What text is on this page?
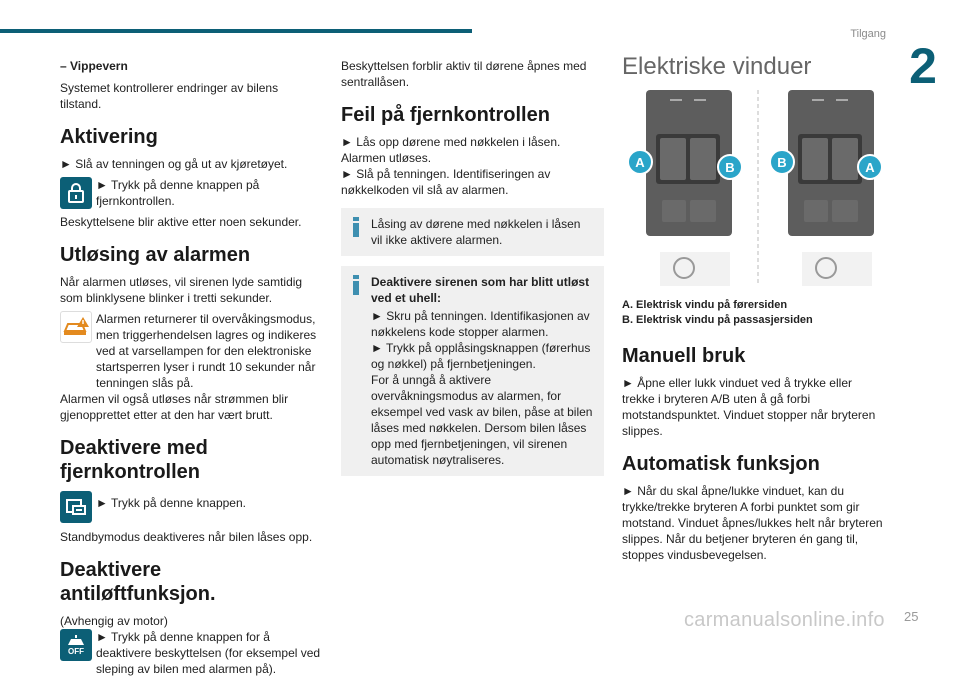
Tilgang
2
25
carmanualsonline.info

– Vippevern

Systemet kontrollerer endringer av bilens tilstand.

Aktivering

► Slå av tenningen og gå ut av kjøretøyet.

► Trykk på denne knappen på fjernkontrollen.

Beskyttelsene blir aktive etter noen sekunder.

Utløsing av alarmen

Når alarmen utløses, vil sirenen lyde samtidig som blinklysene blinker i tretti sekunder.

Alarmen returnerer til overvåkingsmodus, men triggerhendelsen lagres og indikeres ved at varsellampen for den elektroniske startsperren lyser i rundt 10 sekunder når tenningen slås på.

Alarmen vil også utløses når strømmen blir gjenopprettet etter at den har vært brutt.

Deaktivere med fjernkontrollen

► Trykk på denne knappen.

Standbymodus deaktiveres når bilen låses opp.

Deaktivere antiløftfunksjon.

(Avhengig av motor)

OFF

► Trykk på denne knappen for å deaktivere beskyttelsen (for eksempel ved sleping av bilen med alarmen på).

Beskyttelsen forblir aktiv til dørene åpnes med sentrallåsen.

Feil på fjernkontrollen

► Lås opp dørene med nøkkelen i låsen.

Alarmen utløses.

► Slå på tenningen. Identifiseringen av nøkkelkoden vil slå av alarmen.

Låsing av dørene med nøkkelen i låsen vil ikke aktivere alarmen.

Deaktivere sirenen som har blitt utløst ved et uhell:

► Skru på tenningen. Identifikasjonen av nøkkelens kode stopper alarmen.

► Trykk på opplåsingsknappen (førerhus og nøkkel) på fjernbetjeningen.

For å unngå å aktivere overvåkningsmodus av alarmen, for eksempel ved vask av bilen, påse at bilen låses med nøkkelen. Dersom bilen låses opp med fjernbetjeningen, vil sirenen automatisk nøytraliseres.

Elektriske vinduer
A	B	B	A
A. Elektrisk vindu på førersiden
B. Elektrisk vindu på passasjersiden
Manuell bruk

► Åpne eller lukk vinduet ved å trykke eller trekke i bryteren A/B uten å gå forbi motstandspunktet. Vinduet stopper når bryteren slippes.

Automatisk funksjon

► Når du skal åpne/lukke vinduet, kan du trykke/trekke bryteren A forbi punktet som gir motstand. Vinduet åpnes/lukkes helt når bryteren slippes. Når du betjener bryteren én gang til, stoppes vindusbevegelsen.
